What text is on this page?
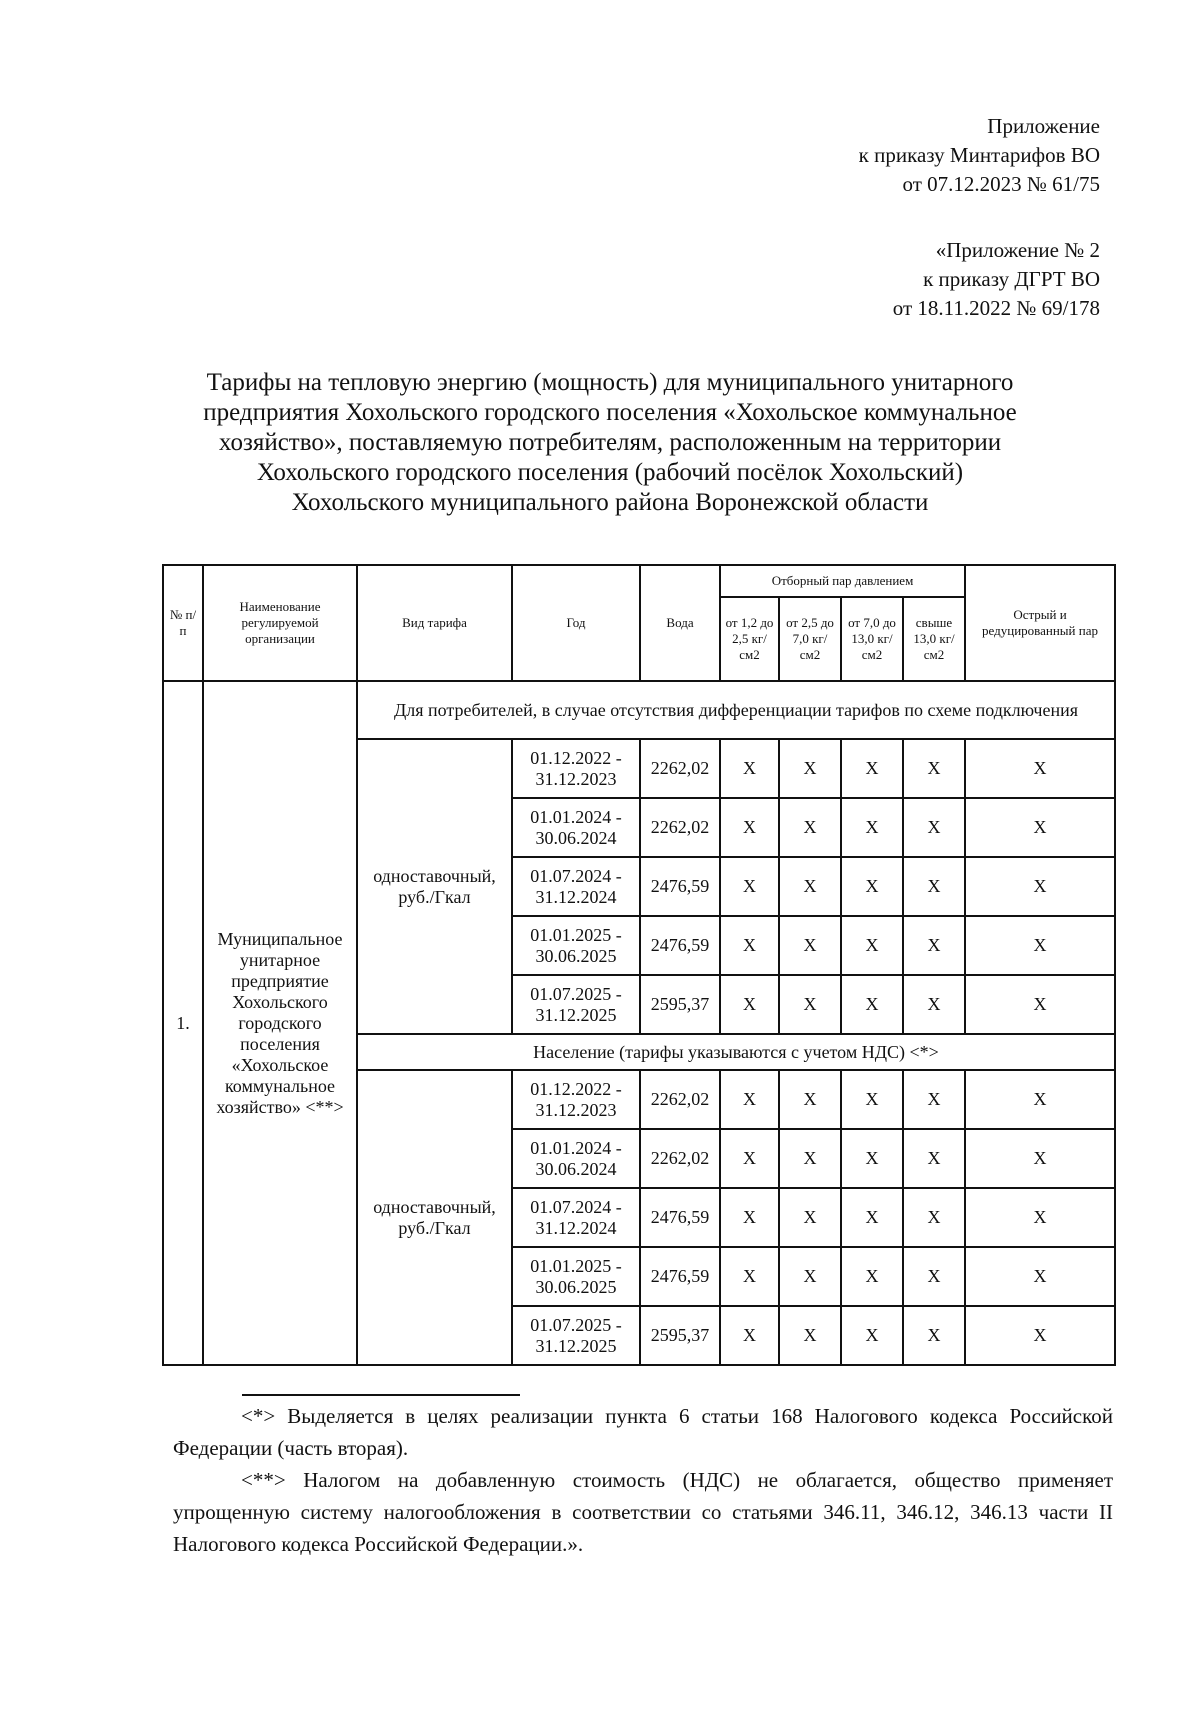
Приложение
к приказу Минтарифов ВО
от 07.12.2023 № 61/75
«Приложение № 2
к приказу ДГРТ ВО
от 18.11.2022 № 69/178
Тарифы на тепловую энергию (мощность) для муниципального унитарного
предприятия Хохольского городского поселения «Хохольское коммунальное
хозяйство», поставляемую потребителям, расположенным на территории
Хохольского городского поселения (рабочий посёлок Хохольский)
Хохольского муниципального района Воронежской области
№ п/п	Наименование регулируемой организации	Вид тарифа	Год	Вода	Отборный пар давлением				Острый и редуцированный пар
					от 1,2 до 2,5 кг/см2	от 2,5 до 7,0 кг/см2	от 7,0 до 13,0 кг/см2	свыше 13,0 кг/см2	
1.	Муниципальное унитарное предприятие Хохольского городского поселения «Хохольское коммунальное хозяйство» <**>	Для потребителей, в случае отсутствия дифференциации тарифов по схеме подключения							
		одноставочный, руб./Гкал	01.12.2022 - 31.12.2023	2262,02	X	X	X	X	X
			01.01.2024 - 30.06.2024	2262,02	X	X	X	X	X
			01.07.2024 - 31.12.2024	2476,59	X	X	X	X	X
			01.01.2025 - 30.06.2025	2476,59	X	X	X	X	X
			01.07.2025 - 31.12.2025	2595,37	X	X	X	X	X
		Население (тарифы указываются с учетом НДС) <*>							
		одноставочный, руб./Гкал	01.12.2022 - 31.12.2023	2262,02	X	X	X	X	X
			01.01.2024 - 30.06.2024	2262,02	X	X	X	X	X
			01.07.2024 - 31.12.2024	2476,59	X	X	X	X	X
			01.01.2025 - 30.06.2025	2476,59	X	X	X	X	X
			01.07.2025 - 31.12.2025	2595,37	X	X	X	X	X

<*> Выделяется в целях реализации пункта 6 статьи 168 Налогового кодекса Российской Федерации (часть вторая).

<**> Налогом на добавленную стоимость (НДС) не облагается, общество применяет упрощенную систему налогообложения в соответствии со статьями 346.11, 346.12, 346.13 части II Налогового кодекса Российской Федерации.».
